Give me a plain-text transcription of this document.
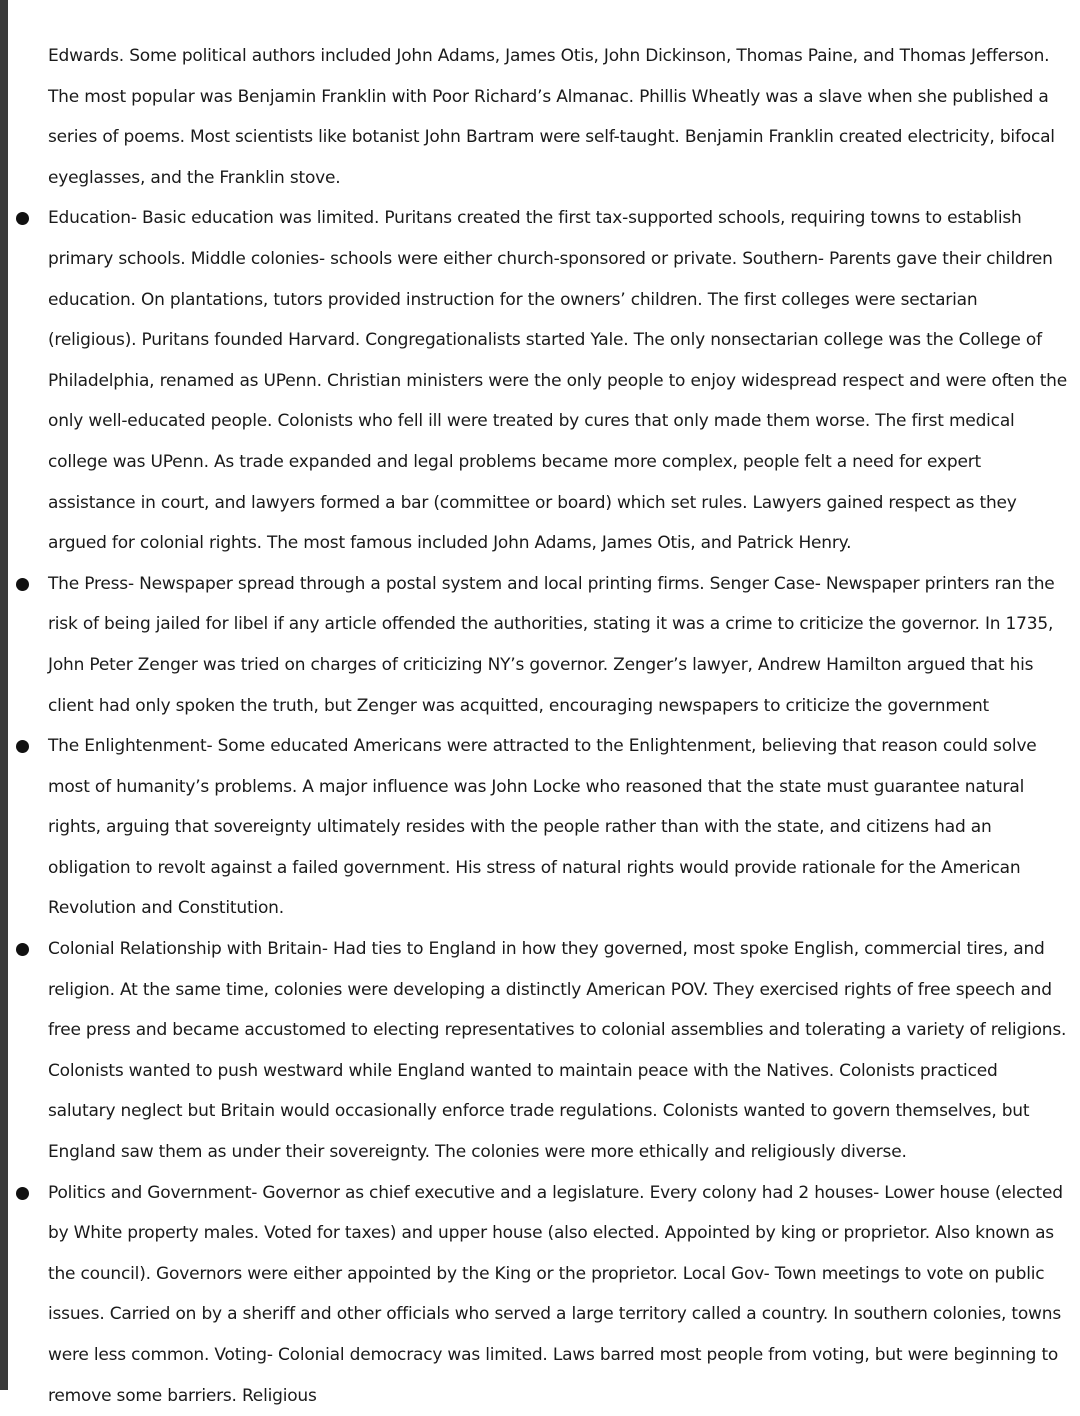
Edwards. Some political authors included John Adams, James Otis, John Dickinson, Thomas Paine, and Thomas Jefferson. The most popular was Benjamin Franklin with Poor Richard’s Almanac. Phillis Wheatly was a slave when she published a series of poems. Most scientists like botanist John Bartram were self-taught. Benjamin Franklin created electricity, bifocal eyeglasses, and the Franklin stove.

Education- Basic education was limited. Puritans created the first tax-supported schools, requiring towns to establish primary schools. Middle colonies- schools were either church-sponsored or private. Southern- Parents gave their children education. On plantations, tutors provided instruction for the owners’ children. The first colleges were sectarian (religious). Puritans founded Harvard. Congregationalists started Yale. The only nonsectarian college was the College of Philadelphia, renamed as UPenn. Christian ministers were the only people to enjoy widespread respect and were often the only well-educated people. Colonists who fell ill were treated by cures that only made them worse. The first medical college was UPenn. As trade expanded and legal problems became more complex, people felt a need for expert assistance in court, and lawyers formed a bar (committee or board) which set rules. Lawyers gained respect as they argued for colonial rights. The most famous included John Adams, James Otis, and Patrick Henry.
The Press- Newspaper spread through a postal system and local printing firms. Senger Case- Newspaper printers ran the risk of being jailed for libel if any article offended the authorities, stating it was a crime to criticize the governor. In 1735, John Peter Zenger was tried on charges of criticizing NY’s governor. Zenger’s lawyer, Andrew Hamilton argued that his client had only spoken the truth, but Zenger was acquitted, encouraging newspapers to criticize the government
The Enlightenment- Some educated Americans were attracted to the Enlightenment, believing that reason could solve most of humanity’s problems. A major influence was John Locke who reasoned that the state must guarantee natural rights, arguing that sovereignty ultimately resides with the people rather than with the state, and citizens had an obligation to revolt against a failed government. His stress of natural rights would provide rationale for the American Revolution and Constitution.
Colonial Relationship with Britain- Had ties to England in how they governed, most spoke English, commercial tires, and religion. At the same time, colonies were developing a distinctly American POV. They exercised rights of free speech and free press and became accustomed to electing representatives to colonial assemblies and tolerating a variety of religions. Colonists wanted to push westward while England wanted to maintain peace with the Natives. Colonists practiced salutary neglect but Britain would occasionally enforce trade regulations. Colonists wanted to govern themselves, but England saw them as under their sovereignty. The colonies were more ethically and religiously diverse.
Politics and Government- Governor as chief executive and a legislature. Every colony had 2 houses- Lower house (elected by White property males. Voted for taxes) and upper house (also elected. Appointed by king or proprietor. Also known as the council). Governors were either appointed by the King or the proprietor. Local Gov- Town meetings to vote on public issues. Carried on by a sheriff and other officials who served a large territory called a country. In southern colonies, towns were less common. Voting- Colonial democracy was limited. Laws barred most people from voting, but were beginning to remove some barriers. Religious
